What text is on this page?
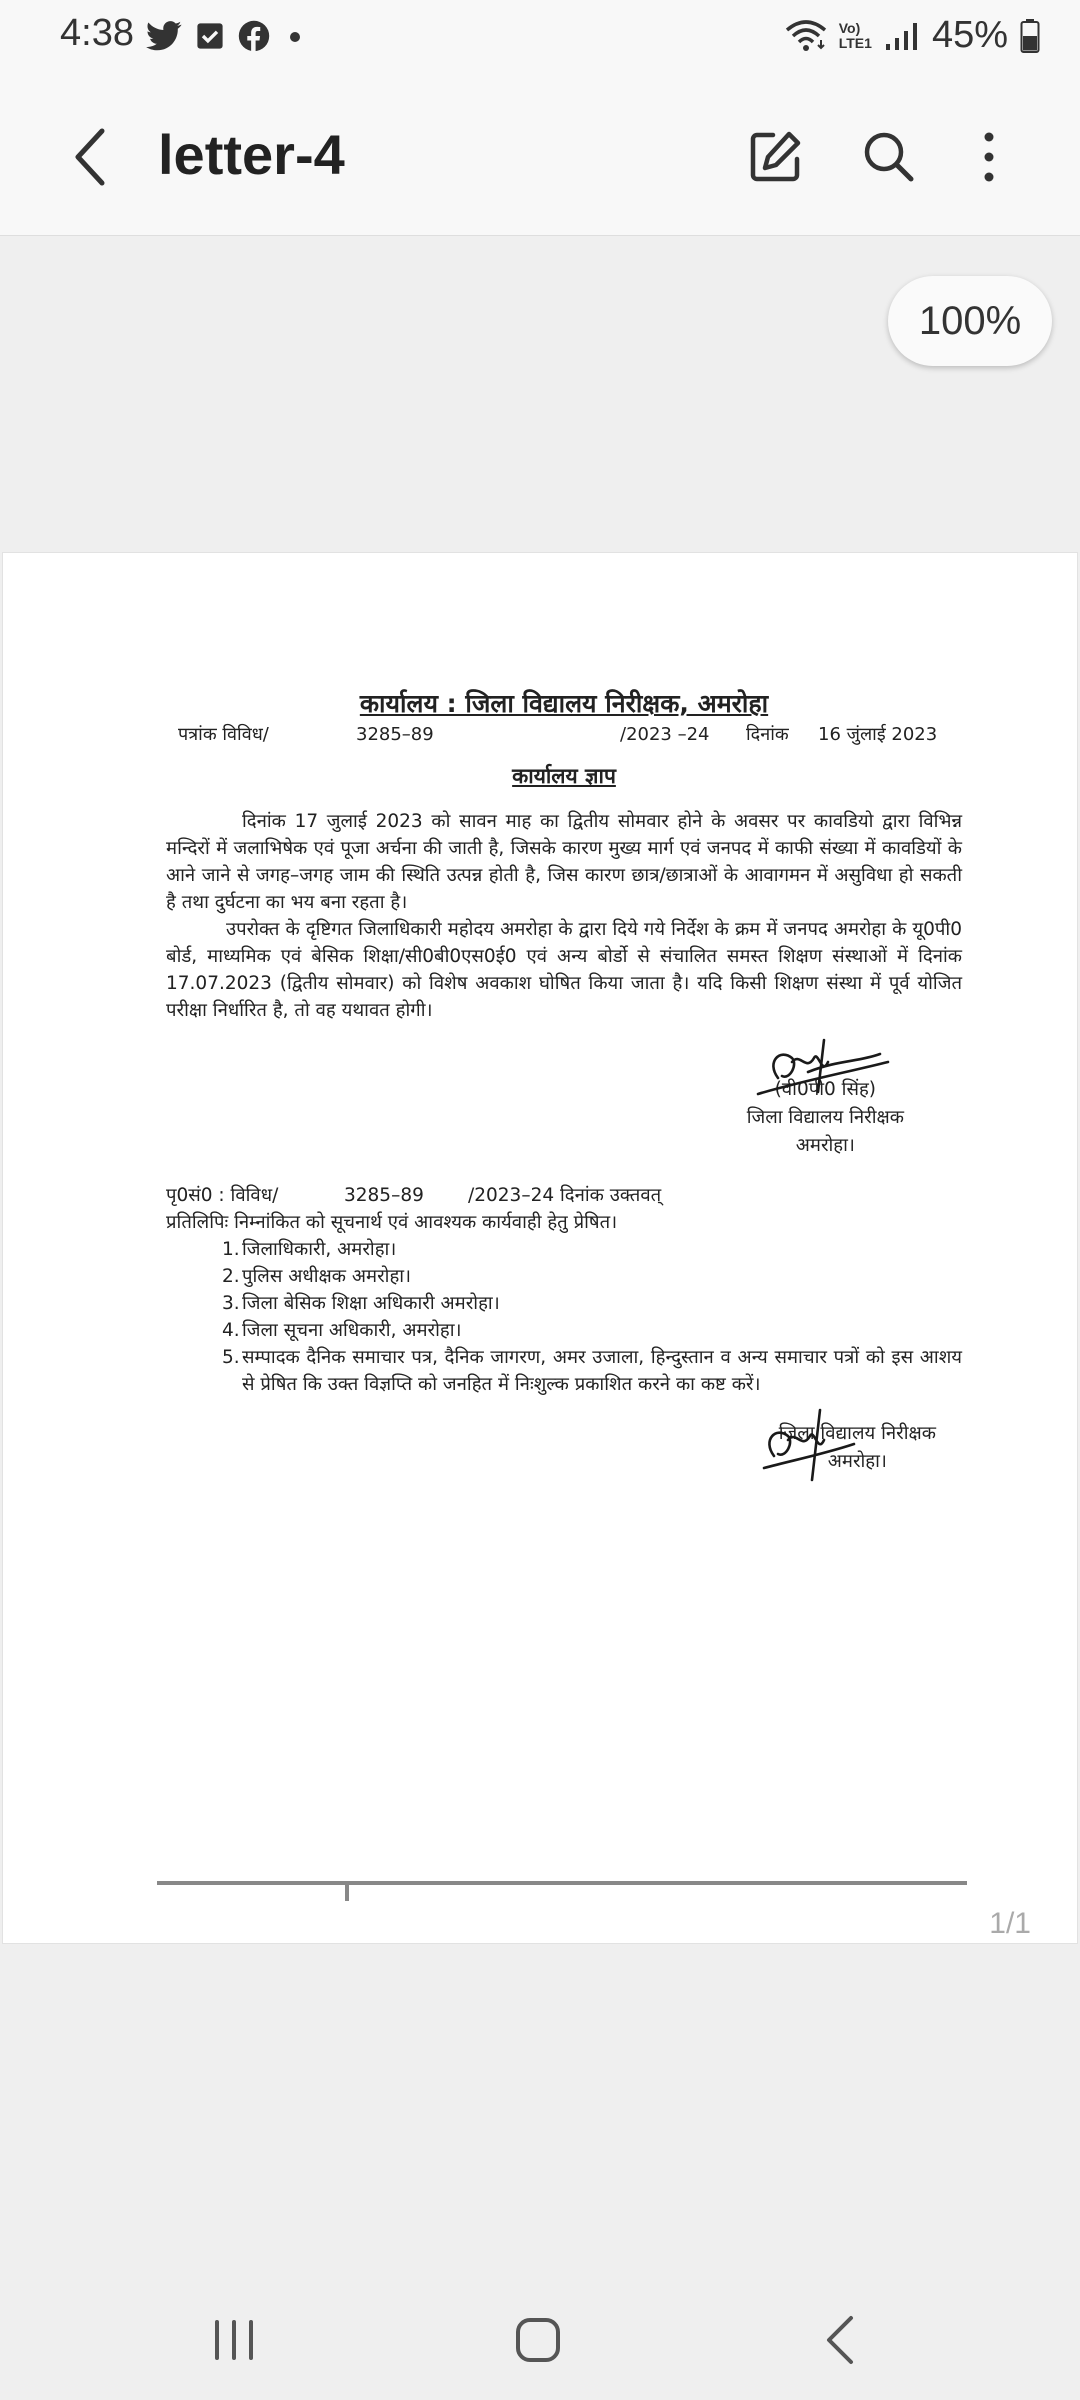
4:38	Vo)
LTE1 45%
letter-4
100%
कार्यालय : जिला विद्यालय निरीक्षक, अमरोहा
पत्रांक विविध/	3285–89	/2023 –24 दिनांक 16 जुंलाई 2023
कार्यालय ज्ञाप

दिनांक 17 जुलाई 2023 को सावन माह का द्वितीय सोमवार होने के अवसर पर कावडियो द्वारा विभिन्न मन्दिरों में जलाभिषेक एवं पूजा अर्चना की जाती है, जिसके कारण मुख्य मार्ग एवं जनपद में काफी संख्या में कावडियों के आने जाने से जगह–जगह जाम की स्थिति उत्पन्न होती है, जिस कारण छात्र/छात्राओं के आवागमन में असुविधा हो सकती है तथा दुर्घटना का भय बना रहता है।

उपरोक्त के दृष्टिगत जिलाधिकारी महोदय अमरोहा के द्वारा दिये गये निर्देश के क्रम में जनपद अमरोहा के यू0पी0 बोर्ड, माध्यमिक एवं बेसिक शिक्षा/सी0बी0एस0ई0 एवं अन्य बोर्डो से संचालित समस्त शिक्षण संस्थाओं में दिनांक 17.07.2023 (द्वितीय सोमवार) को विशेष अवकाश घोषित किया जाता है। यदि किसी शिक्षण संस्था में पूर्व योजित परीक्षा निर्धारित है, तो वह यथावत होगी।

(वी0पी0 सिंह)
जिला विद्यालय निरीक्षक
अमरोहा।
पृ0सं0 : विविध/	3285–89 /2023–24 दिनांक उक्तवत्

प्रतिलिपिः निम्नांकित को सूचनार्थ एवं आवश्यक कार्यवाही हेतु प्रेषित।

1. जिलाधिकारी, अमरोहा।
2. पुलिस अधीक्षक अमरोहा।
3. जिला बेसिक शिक्षा अधिकारी अमरोहा।
4. जिला सूचना अधिकारी, अमरोहा।
5. सम्पादक दैनिक समाचार पत्र, दैनिक जागरण, अमर उजाला, हिन्दुस्तान व अन्य समाचार पत्रों को इस आशय से प्रेषित कि उक्त विज्ञप्ति को जनहित में निःशुल्क प्रकाशित करने का कष्ट करें।
जिला विद्यालय निरीक्षक
अमरोहा।
1/1
